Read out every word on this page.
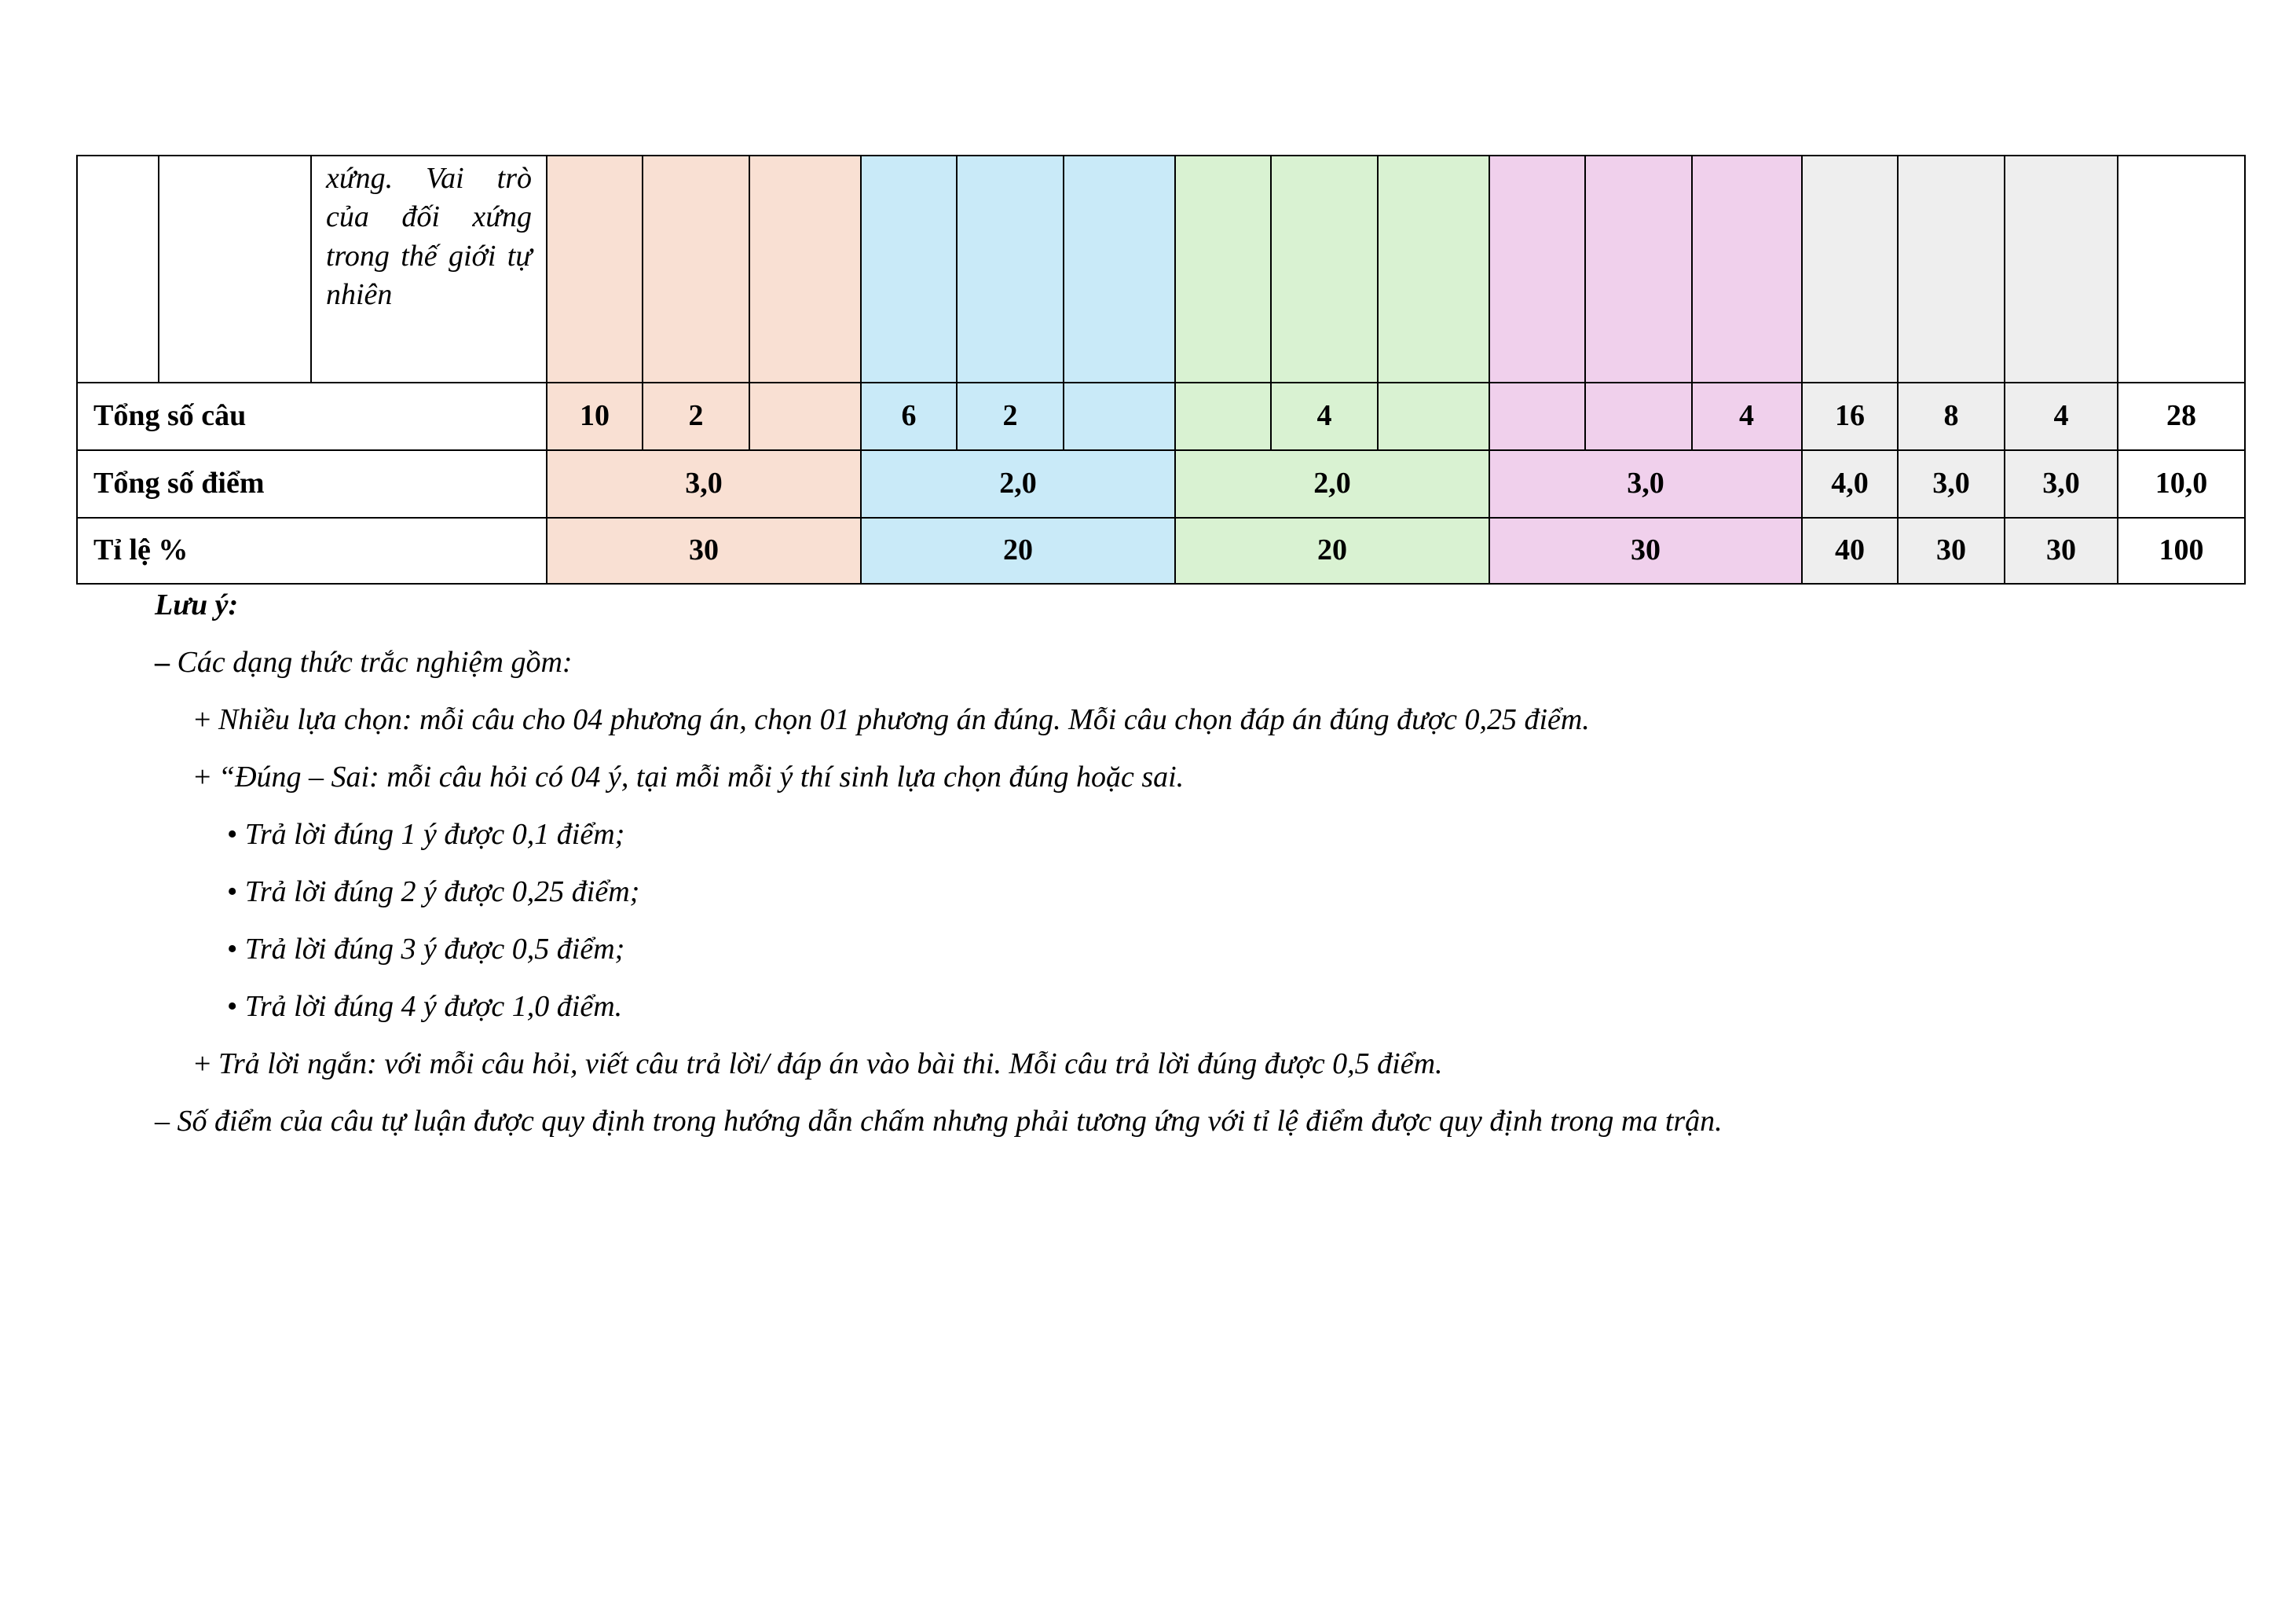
		xứng. Vai trò
của đối xứng
trong thế giới tự
nhiên																

Tổng số câu			10	2		6	2			4				4	16	8	4	28
Tổng số điểm			3,0			2,0			2,0			3,0			4,0	3,0	3,0	10,0
Tỉ lệ %			30			20			20			30			40	30	30	100
Lưu ý:
– Các dạng thức trắc nghiệm gồm:
+ Nhiều lựa chọn: mỗi câu cho 04 phương án, chọn 01 phương án đúng. Mỗi câu chọn đáp án đúng được 0,25 điểm.
+ “Đúng – Sai: mỗi câu hỏi có 04 ý, tại mỗi mỗi ý thí sinh lựa chọn đúng hoặc sai.
• Trả lời đúng 1 ý được 0,1 điểm;
• Trả lời đúng 2 ý được 0,25 điểm;
• Trả lời đúng 3 ý được 0,5 điểm;
• Trả lời đúng 4 ý được 1,0 điểm.
+ Trả lời ngắn: với mỗi câu hỏi, viết câu trả lời/ đáp án vào bài thi. Mỗi câu trả lời đúng được 0,5 điểm.
– Số điểm của câu tự luận được quy định trong hướng dẫn chấm nhưng phải tương ứng với tỉ lệ điểm được quy định trong ma trận.
